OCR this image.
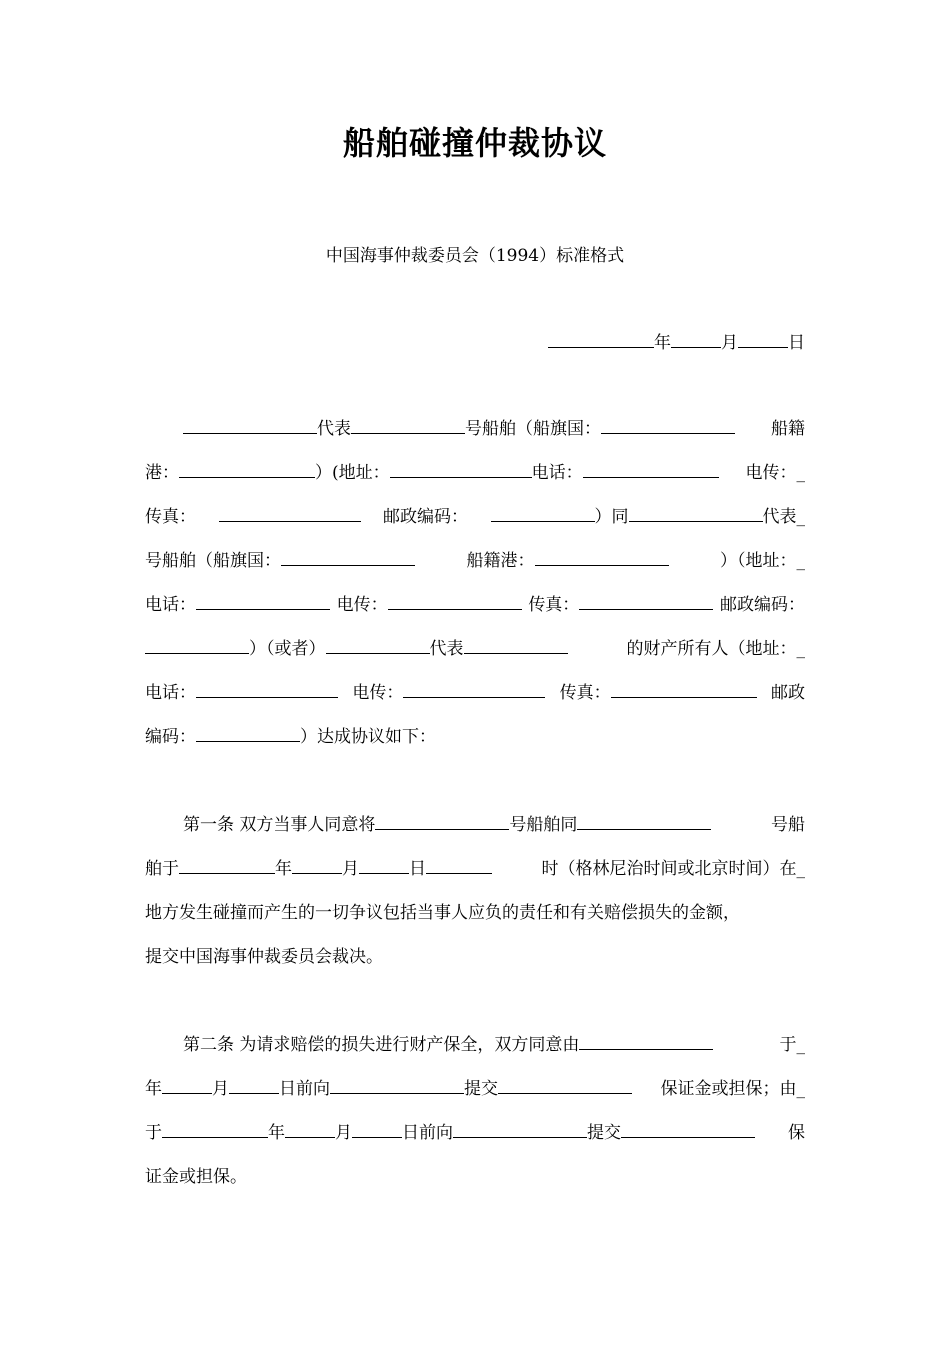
船舶碰撞仲裁协议
中国海事仲裁委员会（1994）标准格式
年	月	日
代表	号船舶（船旗国：	船籍
港：	）(地址：	电话：	电传：_
传真：	邮政编码：	）同	代表_
号船舶（船旗国：	船籍港：	）（地址：_
电话：	电传：	传真：	邮政编码：
）（或者）	代表	的财产所有人（地址：_
电话：	电传：	传真：	邮政
编码：	）达成协议如下：
第一条 双方当事人同意将	号船舶同	号船
舶于	年	月	日	时（格林尼治时间或北京时间）在_
地方发生碰撞而产生的一切争议包括当事人应负的责任和有关赔偿损失的金额，
提交中国海事仲裁委员会裁决。
第二条 为请求赔偿的损失进行财产保全，双方同意由	于_
年	月	日前向	提交	保证金或担保；由_
于	年	月	日前向	提交	保
证金或担保。
